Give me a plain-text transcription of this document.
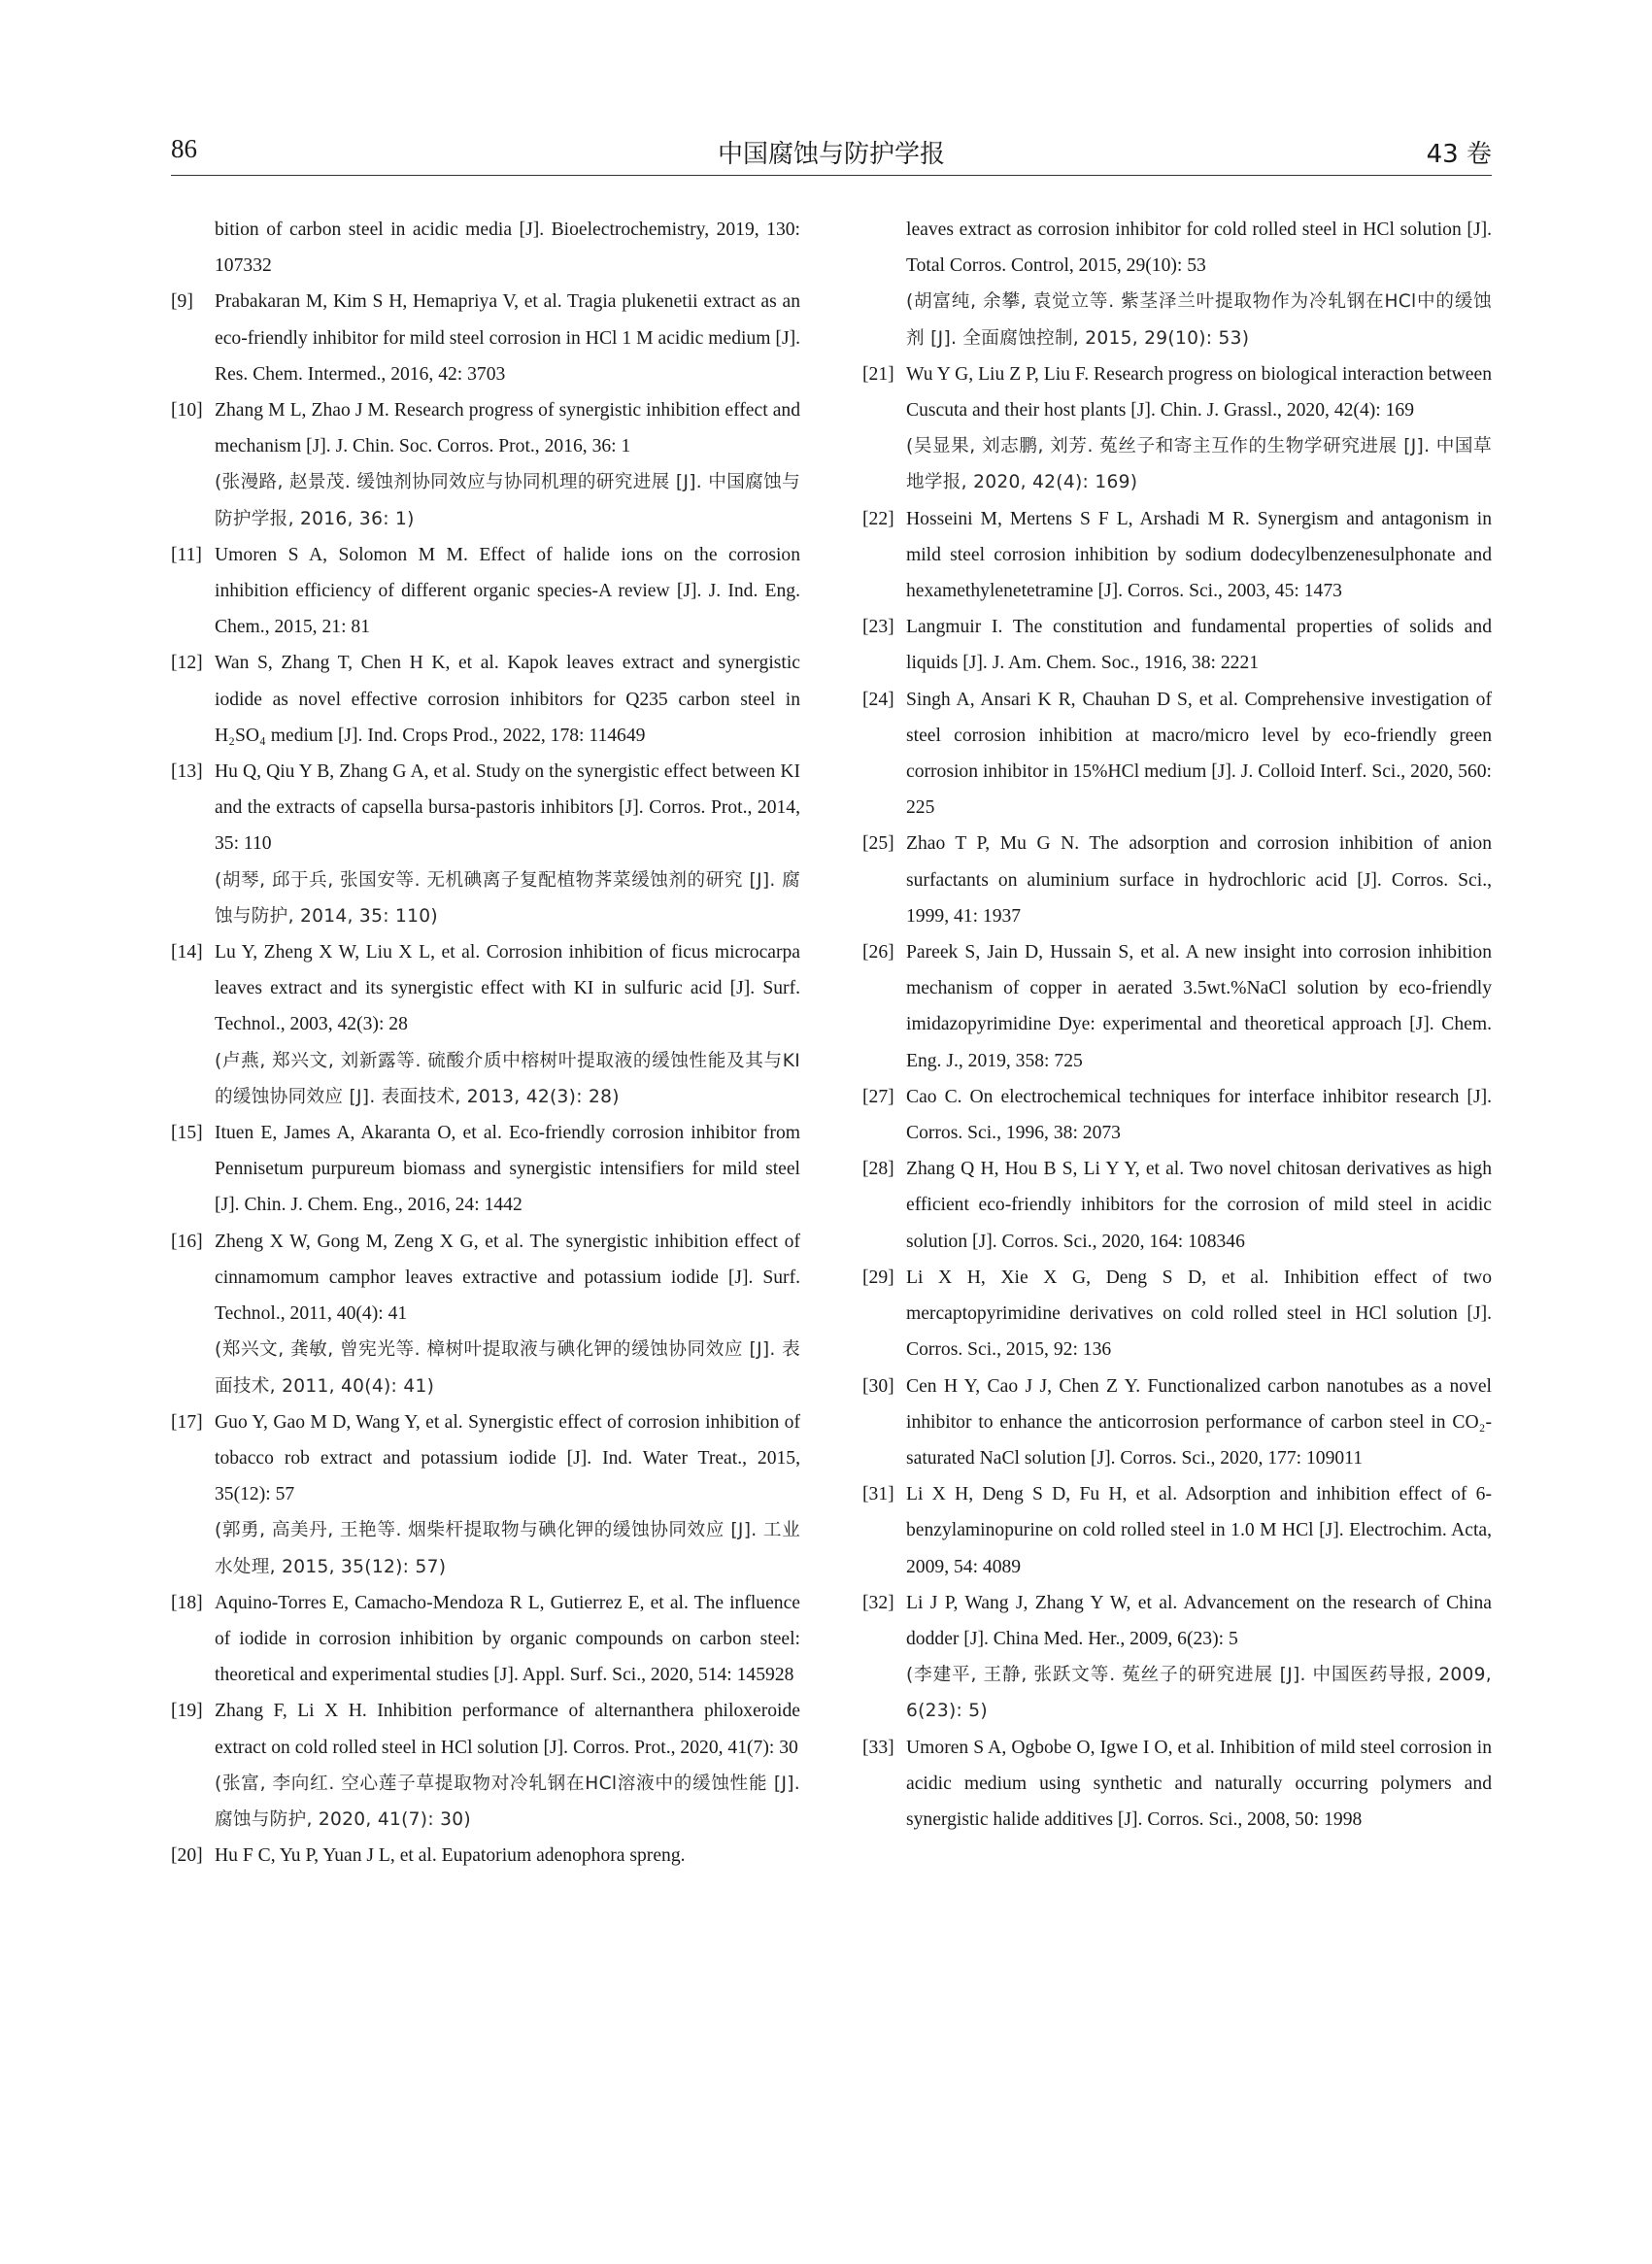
86	中国腐蚀与防护学报	43 卷

bition of carbon steel in acidic media [J]. Bioelectrochemistry, 2019, 130: 107332

[9] Prabakaran M, Kim S H, Hemapriya V, et al. Tragia plukenetii extract as an eco-friendly inhibitor for mild steel corrosion in HCl 1 M acidic medium [J]. Res. Chem. Intermed., 2016, 42: 3703

[10] Zhang M L, Zhao J M. Research progress of synergistic inhibition effect and mechanism [J]. J. Chin. Soc. Corros. Prot., 2016, 36: 1
(张漫路, 赵景茂. 缓蚀剂协同效应与协同机理的研究进展 [J]. 中国腐蚀与防护学报, 2016, 36: 1)

[11] Umoren S A, Solomon M M. Effect of halide ions on the corrosion inhibition efficiency of different organic species-A review [J]. J. Ind. Eng. Chem., 2015, 21: 81

[12] Wan S, Zhang T, Chen H K, et al. Kapok leaves extract and synergistic iodide as novel effective corrosion inhibitors for Q235 carbon steel in H₂SO₄ medium [J]. Ind. Crops Prod., 2022, 178: 114649

[13] Hu Q, Qiu Y B, Zhang G A, et al. Study on the synergistic effect between KI and the extracts of capsella bursa-pastoris inhibitors [J]. Corros. Prot., 2014, 35: 110
(胡琴, 邱于兵, 张国安等. 无机碘离子复配植物荠菜缓蚀剂的研究 [J]. 腐蚀与防护, 2014, 35: 110)

[14] Lu Y, Zheng X W, Liu X L, et al. Corrosion inhibition of ficus microcarpa leaves extract and its synergistic effect with KI in sulfuric acid [J]. Surf. Technol., 2003, 42(3): 28
(卢燕, 郑兴文, 刘新露等. 硫酸介质中榕树叶提取液的缓蚀性能及其与KI的缓蚀协同效应 [J]. 表面技术, 2013, 42(3): 28)

[15] Ituen E, James A, Akaranta O, et al. Eco-friendly corrosion inhibitor from Pennisetum purpureum biomass and synergistic intensifiers for mild steel [J]. Chin. J. Chem. Eng., 2016, 24: 1442

[16] Zheng X W, Gong M, Zeng X G, et al. The synergistic inhibition effect of cinnamomum camphor leaves extractive and potassium iodide [J]. Surf. Technol., 2011, 40(4): 41
(郑兴文, 龚敏, 曾宪光等. 樟树叶提取液与碘化钾的缓蚀协同效应 [J]. 表面技术, 2011, 40(4): 41)

[17] Guo Y, Gao M D, Wang Y, et al. Synergistic effect of corrosion inhibition of tobacco rob extract and potassium iodide [J]. Ind. Water Treat., 2015, 35(12): 57
(郭勇, 高美丹, 王艳等. 烟柴杆提取物与碘化钾的缓蚀协同效应 [J]. 工业水处理, 2015, 35(12): 57)

[18] Aquino-Torres E, Camacho-Mendoza R L, Gutierrez E, et al. The influence of iodide in corrosion inhibition by organic compounds on carbon steel: theoretical and experimental studies [J]. Appl. Surf. Sci., 2020, 514: 145928

[19] Zhang F, Li X H. Inhibition performance of alternanthera philoxeroide extract on cold rolled steel in HCl solution [J]. Corros. Prot., 2020, 41(7): 30
(张富, 李向红. 空心莲子草提取物对冷轧钢在HCl溶液中的缓蚀性能 [J]. 腐蚀与防护, 2020, 41(7): 30)

[20] Hu F C, Yu P, Yuan J L, et al. Eupatorium adenophora spreng.

leaves extract as corrosion inhibitor for cold rolled steel in HCl solution [J]. Total Corros. Control, 2015, 29(10): 53
(胡富纯, 余攀, 袁觉立等. 紫茎泽兰叶提取物作为冷轧钢在HCl中的缓蚀剂 [J]. 全面腐蚀控制, 2015, 29(10): 53)

[21] Wu Y G, Liu Z P, Liu F. Research progress on biological interaction between Cuscuta and their host plants [J]. Chin. J. Grassl., 2020, 42(4): 169
(吴显果, 刘志鹏, 刘芳. 菟丝子和寄主互作的生物学研究进展 [J]. 中国草地学报, 2020, 42(4): 169)

[22] Hosseini M, Mertens S F L, Arshadi M R. Synergism and antagonism in mild steel corrosion inhibition by sodium dodecylbenzenesulphonate and hexamethylenetetramine [J]. Corros. Sci., 2003, 45: 1473

[23] Langmuir I. The constitution and fundamental properties of solids and liquids [J]. J. Am. Chem. Soc., 1916, 38: 2221

[24] Singh A, Ansari K R, Chauhan D S, et al. Comprehensive investigation of steel corrosion inhibition at macro/micro level by eco-friendly green corrosion inhibitor in 15%HCl medium [J]. J. Colloid Interf. Sci., 2020, 560: 225

[25] Zhao T P, Mu G N. The adsorption and corrosion inhibition of anion surfactants on aluminium surface in hydrochloric acid [J]. Corros. Sci., 1999, 41: 1937

[26] Pareek S, Jain D, Hussain S, et al. A new insight into corrosion inhibition mechanism of copper in aerated 3.5wt.%NaCl solution by eco-friendly imidazopyrimidine Dye: experimental and theoretical approach [J]. Chem. Eng. J., 2019, 358: 725

[27] Cao C. On electrochemical techniques for interface inhibitor research [J]. Corros. Sci., 1996, 38: 2073

[28] Zhang Q H, Hou B S, Li Y Y, et al. Two novel chitosan derivatives as high efficient eco-friendly inhibitors for the corrosion of mild steel in acidic solution [J]. Corros. Sci., 2020, 164: 108346

[29] Li X H, Xie X G, Deng S D, et al. Inhibition effect of two mercaptopyrimidine derivatives on cold rolled steel in HCl solution [J]. Corros. Sci., 2015, 92: 136

[30] Cen H Y, Cao J J, Chen Z Y. Functionalized carbon nanotubes as a novel inhibitor to enhance the anticorrosion performance of carbon steel in CO₂-saturated NaCl solution [J]. Corros. Sci., 2020, 177: 109011

[31] Li X H, Deng S D, Fu H, et al. Adsorption and inhibition effect of 6-benzylaminopurine on cold rolled steel in 1.0 M HCl [J]. Electrochim. Acta, 2009, 54: 4089

[32] Li J P, Wang J, Zhang Y W, et al. Advancement on the research of China dodder [J]. China Med. Her., 2009, 6(23): 5
(李建平, 王静, 张跃文等. 菟丝子的研究进展 [J]. 中国医药导报, 2009, 6(23): 5)

[33] Umoren S A, Ogbobe O, Igwe I O, et al. Inhibition of mild steel corrosion in acidic medium using synthetic and naturally occurring polymers and synergistic halide additives [J]. Corros. Sci., 2008, 50: 1998
